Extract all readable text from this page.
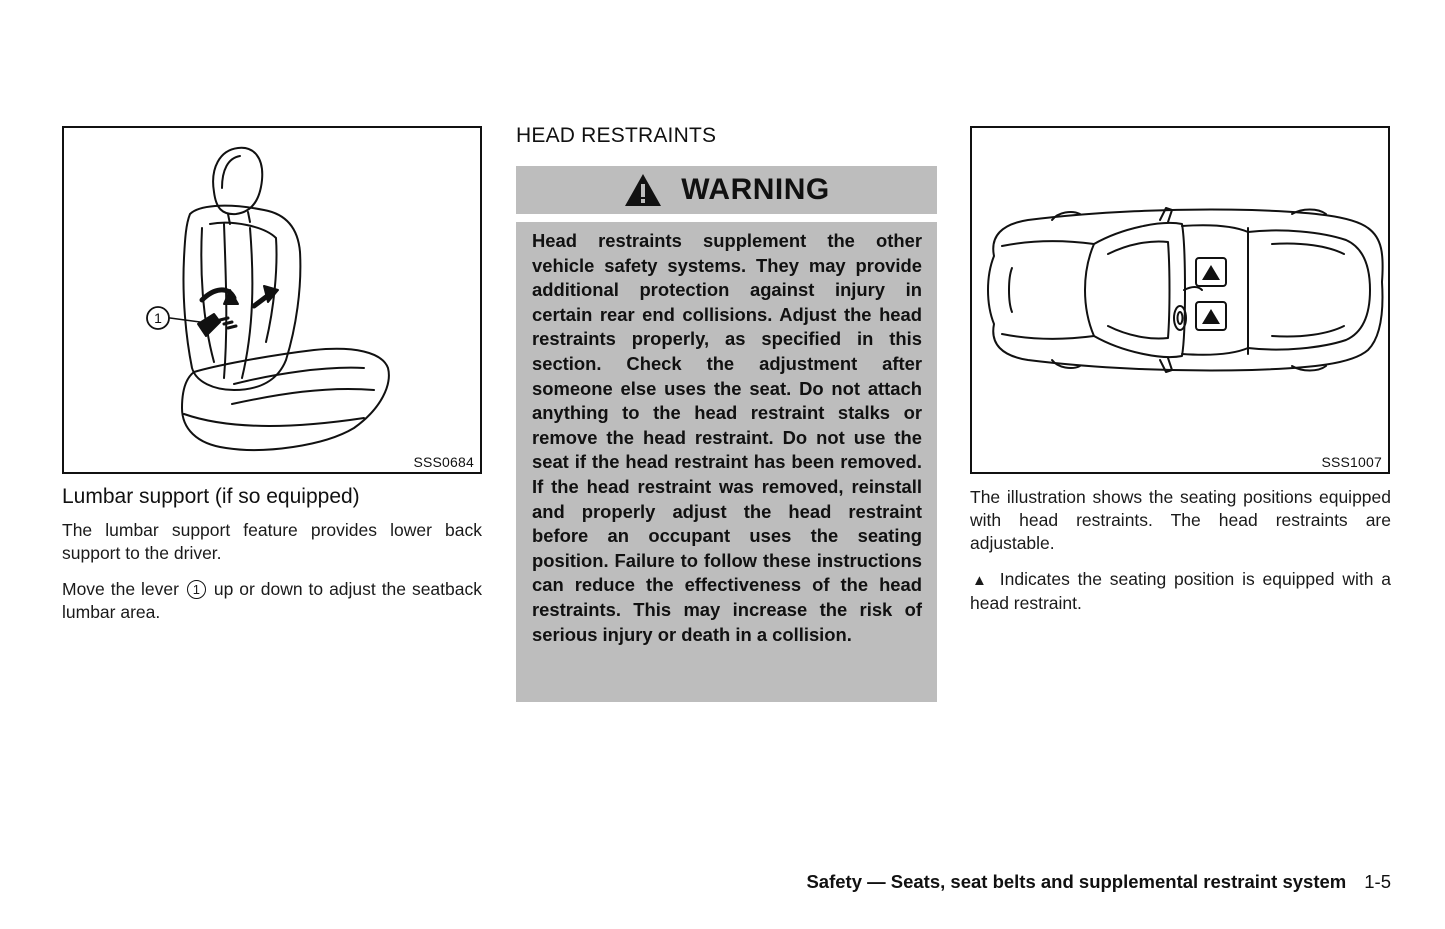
1
SSS0684
Lumbar support (if so equipped)

The lumbar support feature provides lower back support to the driver.

Move the lever 1 up or down to adjust the seatback lumbar area.

HEAD RESTRAINTS
WARNING

Head restraints supplement the other vehicle safety systems. They may provide additional protection against injury in certain rear end collisions. Adjust the head restraints properly, as specified in this section. Check the adjustment after someone else uses the seat. Do not attach anything to the head restraint stalks or remove the head restraint. Do not use the seat if the head restraint has been removed. If the head restraint was removed, reinstall and properly adjust the head restraint before an occupant uses the seating position. Failure to follow these instructions can reduce the effectiveness of the head restraints. This may increase the risk of serious injury or death in a collision.

SSS1007

The illustration shows the seating positions equipped with head restraints. The head restraints are adjustable.

▲ Indicates the seating position is equipped with a head restraint.

Safety — Seats, seat belts and supplemental restraint system 1-5
